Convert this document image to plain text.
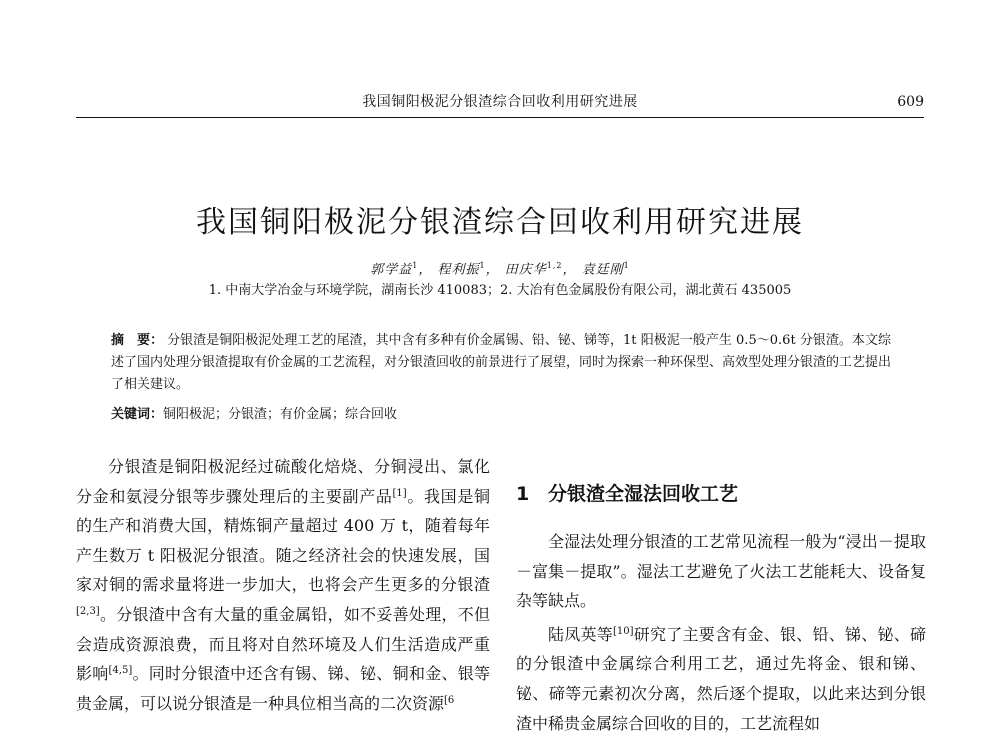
我国铜阳极泥分银渣综合回收利用研究进展	609
我国铜阳极泥分银渣综合回收利用研究进展
郭学益$^1$， 程利振$^1$， 田庆华$^{1,2}$， 袁廷刚$^1$
1. 中南大学冶金与环境学院，湖南长沙 410083；2. 大冶有色金属股份有限公司，湖北黄石 435005
摘　要： 分银渣是铜阳极泥处理工艺的尾渣，其中含有多种有价金属锡、铅、铋、锑等，1t 阳极泥一般产生 0.5～0.6t 分银渣。本文综述了国内处理分银渣提取有价金属的工艺流程，对分银渣回收的前景进行了展望，同时为探索一种环保型、高效型处理分银渣的工艺提出了相关建议。
关键词：铜阳极泥；分银渣；有价金属；综合回收

分银渣是铜阳极泥经过硫酸化焙烧、分铜浸出、氯化分金和氨浸分银等步骤处理后的主要副产品[1]。我国是铜的生产和消费大国，精炼铜产量超过 400 万 t，随着每年产生数万 t 阳极泥分银渣。随之经济社会的快速发展，国家对铜的需求量将进一步加大，也将会产生更多的分银渣[2,3]。分银渣中含有大量的重金属铅，如不妥善处理，不但会造成资源浪费，而且将对自然环境及人们生活造成严重影响[4,5]。同时分银渣中还含有锡、锑、铋、铜和金、银等贵金属，可以说分银渣是一种具位相当高的二次资源$^{[6}$

1 分银渣全湿法回收工艺

全湿法处理分银渣的工艺常见流程一般为“浸出－提取－富集－提取”。湿法工艺避免了火法工艺能耗大、设备复杂等缺点。

陆凤英等[10]研究了主要含有金、银、铅、锑、铋、碲的分银渣中金属综合利用工艺，通过先将金、银和锑、铋、碲等元素初次分离，然后逐个提取，以此来达到分银渣中稀贵金属综合回收的目的，工艺流程如
